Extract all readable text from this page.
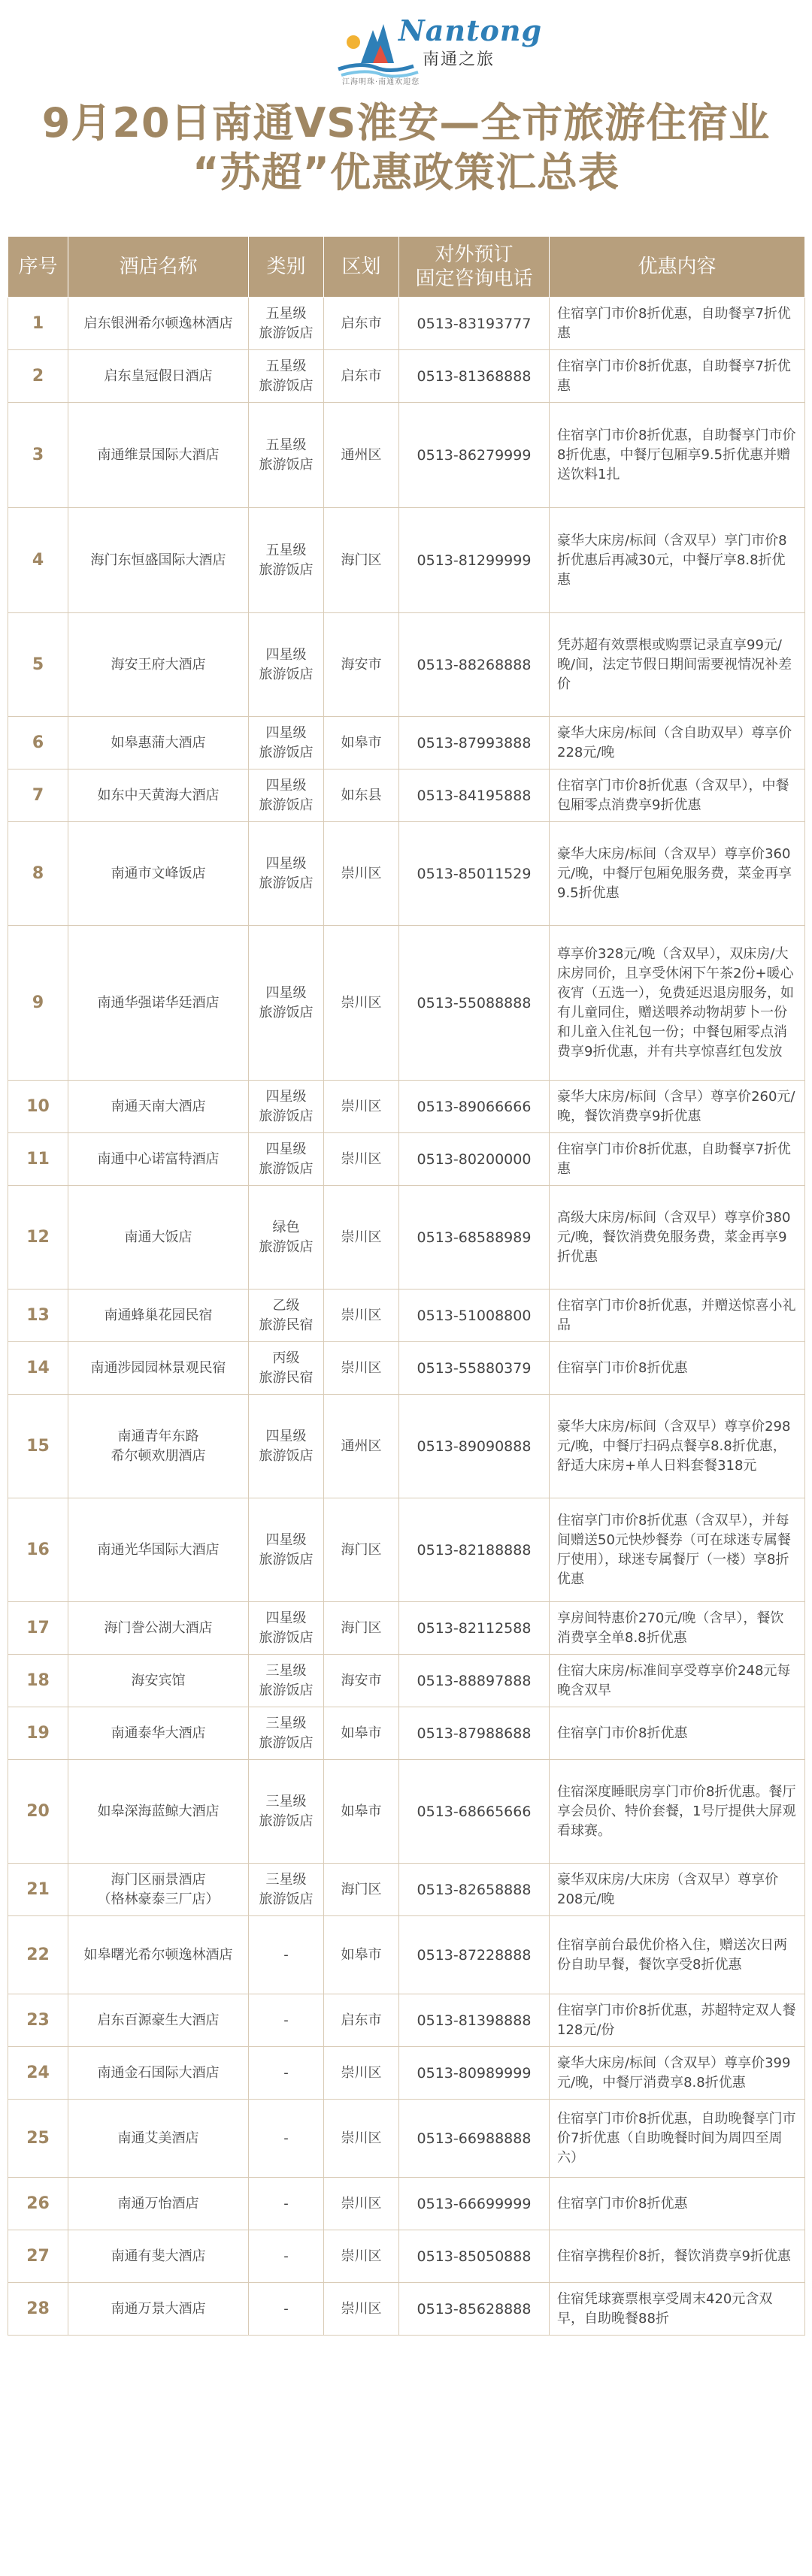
Nantong
南通之旅
江海明珠·南通欢迎您
9月20日南通VS淮安—全市旅游住宿业
“苏超”优惠政策汇总表
序号	酒店名称	类别	区划	对外预订
固定咨询电话	优惠内容
1	启东银洲希尔顿逸林酒店	五星级
旅游饭店	启东市	0513-83193777	住宿享门市价8折优惠，自助餐享7折优惠
2	启东皇冠假日酒店	五星级
旅游饭店	启东市	0513-81368888	住宿享门市价8折优惠，自助餐享7折优惠
3	南通维景国际大酒店	五星级
旅游饭店	通州区	0513-86279999	住宿享门市价8折优惠，自助餐享门市价8折优惠，中餐厅包厢享9.5折优惠并赠送饮料1扎
4	海门东恒盛国际大酒店	五星级
旅游饭店	海门区	0513-81299999	豪华大床房/标间（含双早）享门市价8折优惠后再减30元，中餐厅享8.8折优惠
5	海安王府大酒店	四星级
旅游饭店	海安市	0513-88268888	凭苏超有效票根或购票记录直享99元/晚/间，法定节假日期间需要视情况补差价
6	如皋惠蒲大酒店	四星级
旅游饭店	如皋市	0513-87993888	豪华大床房/标间（含自助双早）尊享价228元/晚
7	如东中天黄海大酒店	四星级
旅游饭店	如东县	0513-84195888	住宿享门市价8折优惠（含双早），中餐包厢零点消费享9折优惠
8	南通市文峰饭店	四星级
旅游饭店	崇川区	0513-85011529	豪华大床房/标间（含双早）尊享价360元/晚，中餐厅包厢免服务费，菜金再享9.5折优惠
9	南通华强诺华廷酒店	四星级
旅游饭店	崇川区	0513-55088888	尊享价328元/晚（含双早），双床房/大床房同价，且享受休闲下午茶2份+暖心夜宵（五选一），免费延迟退房服务，如有儿童同住，赠送喂养动物胡萝卜一份和儿童入住礼包一份；中餐包厢零点消费享9折优惠，并有共享惊喜红包发放
10	南通天南大酒店	四星级
旅游饭店	崇川区	0513-89066666	豪华大床房/标间（含早）尊享价260元/晚，餐饮消费享9折优惠
11	南通中心诺富特酒店	四星级
旅游饭店	崇川区	0513-80200000	住宿享门市价8折优惠，自助餐享7折优惠
12	南通大饭店	绿色
旅游饭店	崇川区	0513-68588989	高级大床房/标间（含双早）尊享价380元/晚，餐饮消费免服务费，菜金再享9折优惠
13	南通蜂巢花园民宿	乙级
旅游民宿	崇川区	0513-51008800	住宿享门市价8折优惠，并赠送惊喜小礼品
14	南通涉园园林景观民宿	丙级
旅游民宿	崇川区	0513-55880379	住宿享门市价8折优惠
15	南通青年东路
希尔顿欢朋酒店	四星级
旅游饭店	通州区	0513-89090888	豪华大床房/标间（含双早）尊享价298元/晚，中餐厅扫码点餐享8.8折优惠，舒适大床房+单人日料套餐318元
16	南通光华国际大酒店	四星级
旅游饭店	海门区	0513-82188888	住宿享门市价8折优惠（含双早），并每间赠送50元快炒餐券（可在球迷专属餐厅使用），球迷专属餐厅（一楼）享8折优惠
17	海门誊公湖大酒店	四星级
旅游饭店	海门区	0513-82112588	享房间特惠价270元/晚（含早），餐饮消费享全单8.8折优惠
18	海安宾馆	三星级
旅游饭店	海安市	0513-88897888	住宿大床房/标准间享受尊享价248元每晚含双早
19	南通泰华大酒店	三星级
旅游饭店	如皋市	0513-87988688	住宿享门市价8折优惠
20	如皋深海蓝鲸大酒店	三星级
旅游饭店	如皋市	0513-68665666	住宿深度睡眠房享门市价8折优惠。餐厅享会员价、特价套餐，1号厅提供大屏观看球赛。
21	海门区丽景酒店
（格林豪泰三厂店）	三星级
旅游饭店	海门区	0513-82658888	豪华双床房/大床房（含双早）尊享价208元/晚
22	如皋曙光希尔顿逸林酒店	-	如皋市	0513-87228888	住宿享前台最优价格入住，赠送次日两份自助早餐，餐饮享受8折优惠
23	启东百源豪生大酒店	-	启东市	0513-81398888	住宿享门市价8折优惠，苏超特定双人餐128元/份
24	南通金石国际大酒店	-	崇川区	0513-80989999	豪华大床房/标间（含双早）尊享价399元/晚，中餐厅消费享8.8折优惠
25	南通艾美酒店	-	崇川区	0513-66988888	住宿享门市价8折优惠，自助晚餐享门市价7折优惠（自助晚餐时间为周四至周六）
26	南通万怡酒店	-	崇川区	0513-66699999	住宿享门市价8折优惠
27	南通有斐大酒店	-	崇川区	0513-85050888	住宿享携程价8折，餐饮消费享9折优惠
28	南通万景大酒店	-	崇川区	0513-85628888	住宿凭球赛票根享受周末420元含双早，自助晚餐88折
